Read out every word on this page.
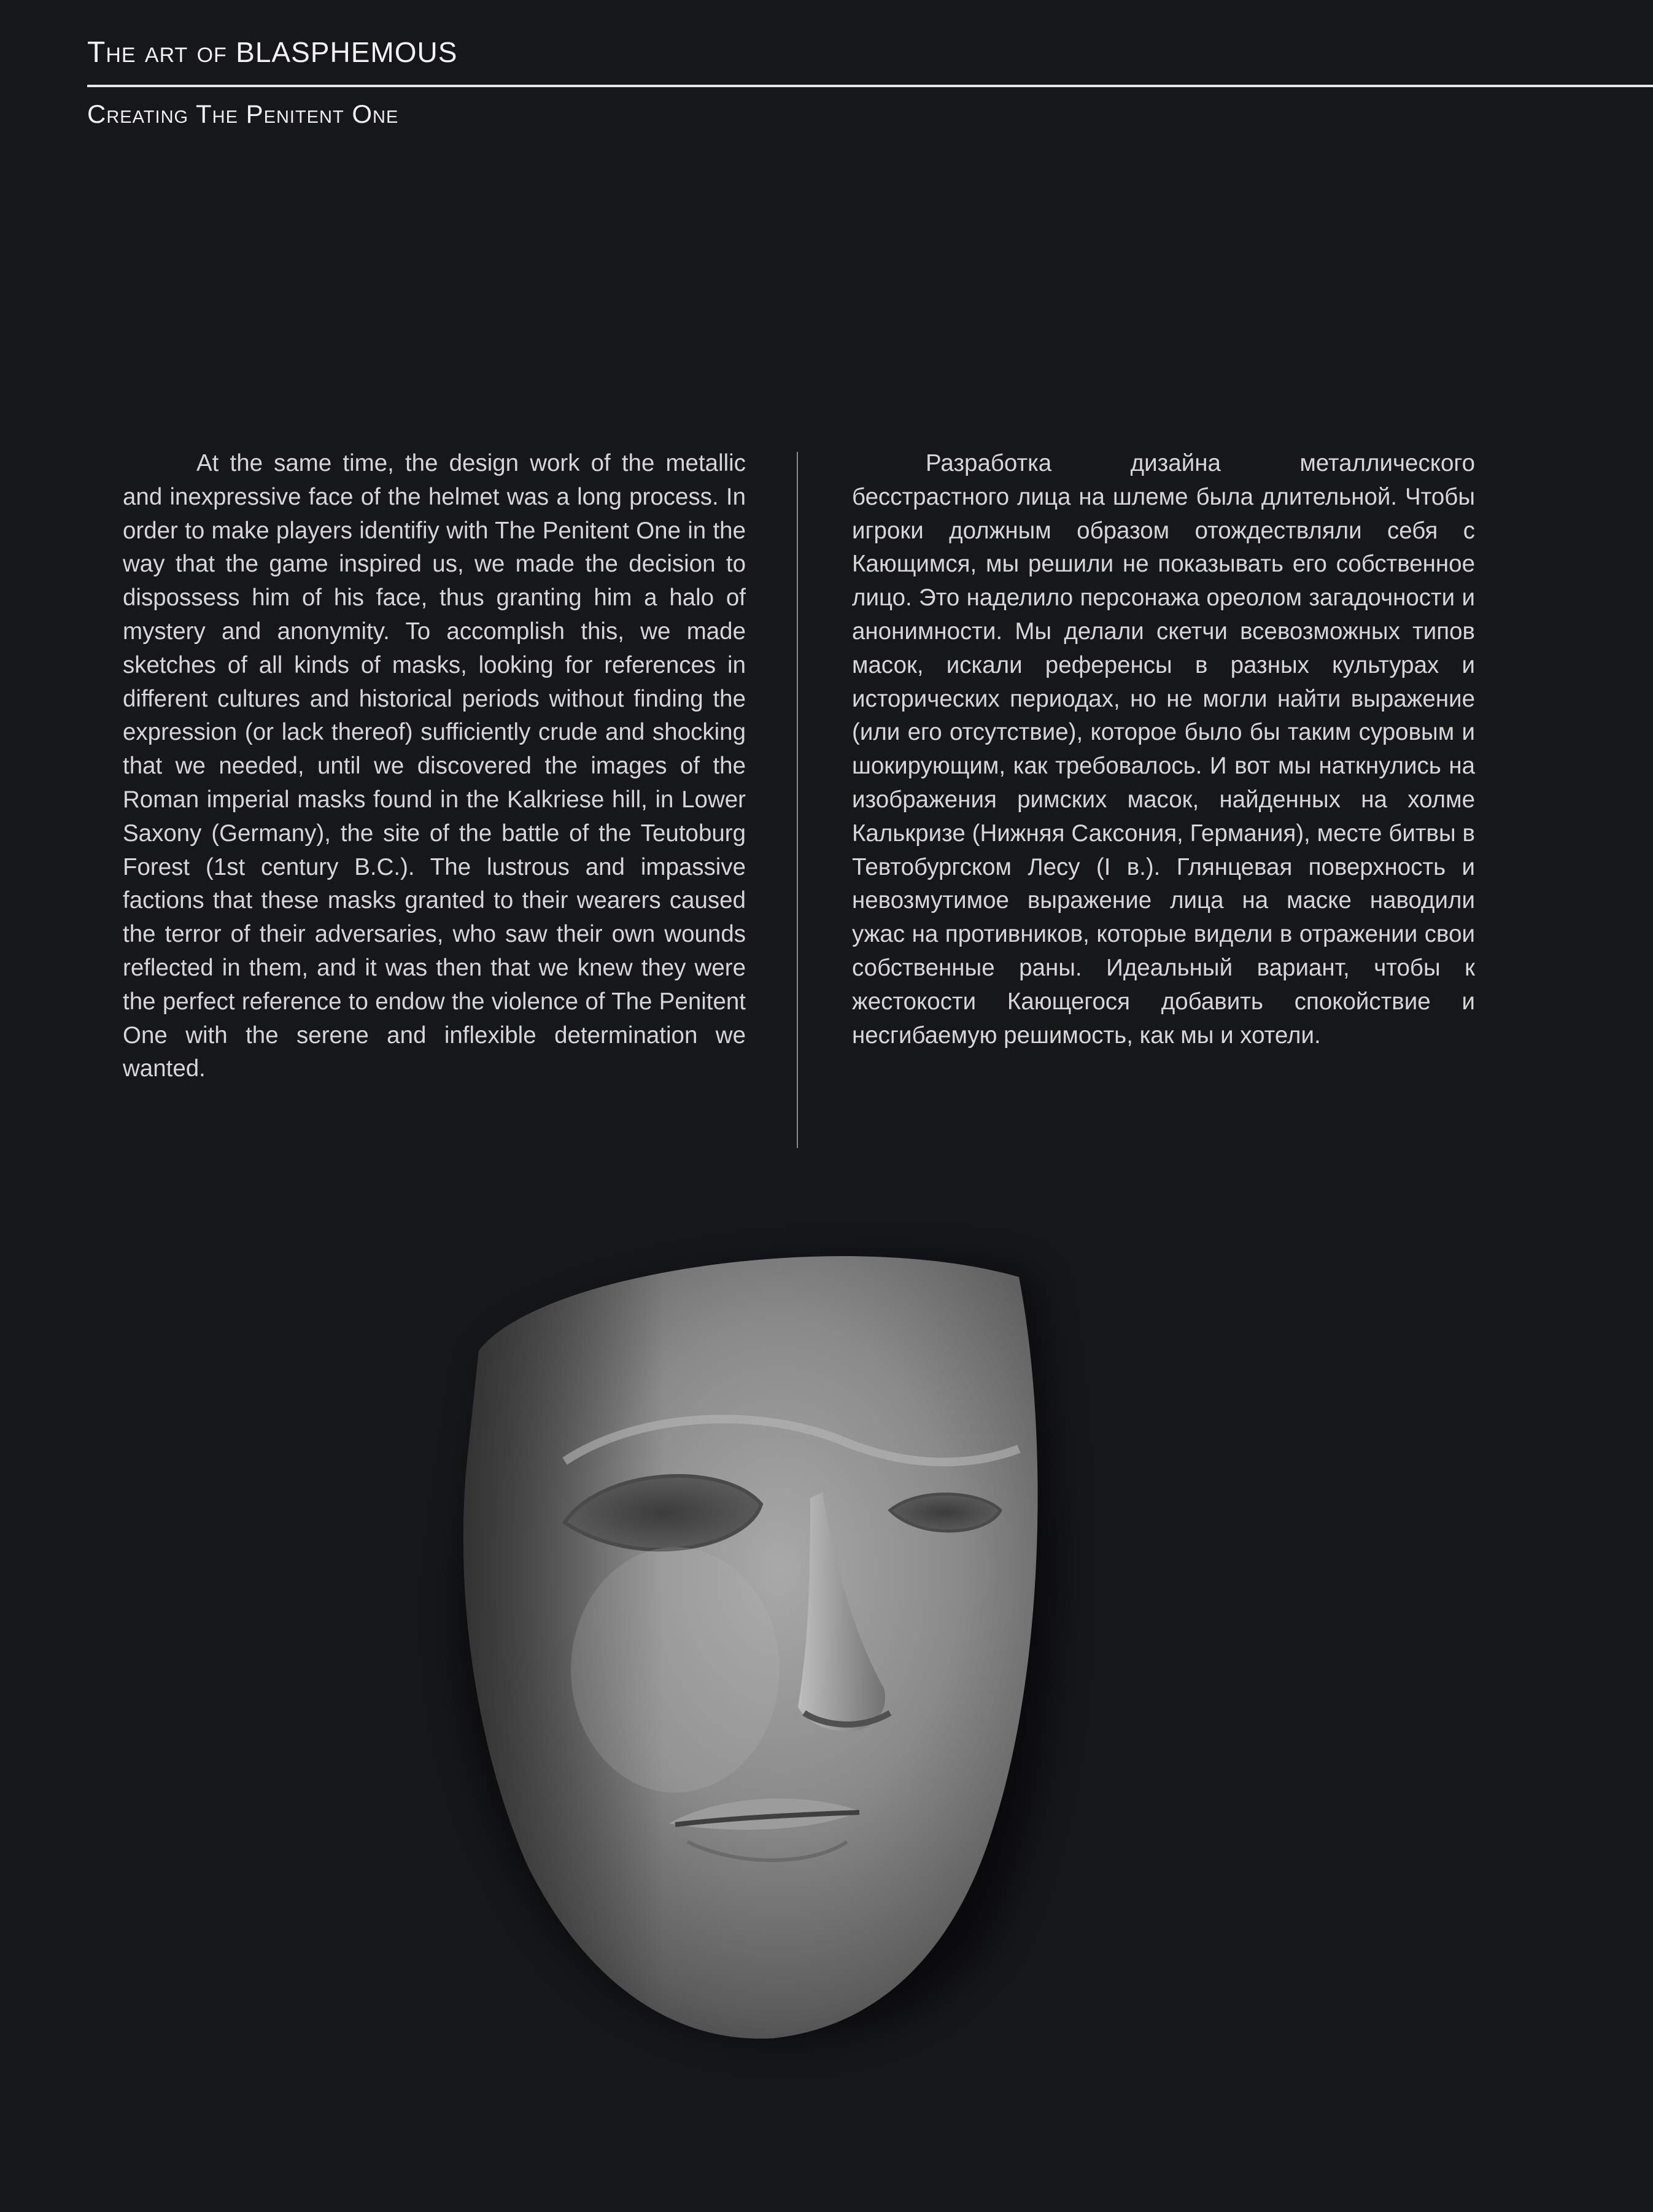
The art of BLASPHEMOUS
Creating The Penitent One
At the same time, the design work of the metallic and inexpressive face of the helmet was a long process. In order to make players identifiy with The Penitent One in the way that the game inspired us, we made the decision to dispossess him of his face, thus granting him a halo of mystery and anonymity. To accomplish this, we made sketches of all kinds of masks, looking for references in different cultures and historical periods without finding the expression (or lack thereof) sufficiently crude and shocking that we needed, until we discovered the images of the Roman imperial masks found in the Kalkriese hill, in Lower Saxony (Germany), the site of the battle of the Teutoburg Forest (1st century B.C.). The lustrous and impassive factions that these masks granted to their wearers caused the terror of their adversaries, who saw their own wounds reflected in them, and it was then that we knew they were the perfect reference to endow the violence of The Penitent One with the serene and inflexible determination we wanted.
Разработка дизайна металлического бесстрастного лица на шлеме была длительной. Чтобы игроки должным образом отождествляли себя с Кающимся, мы решили не показывать его собственное лицо. Это наделило персонажа ореолом загадочности и анонимности. Мы делали скетчи всевозможных типов масок, искали референсы в разных культурах и исторических периодах, но не могли найти выражение (или его отсутствие), которое было бы таким суровым и шокирующим, как требовалось. И вот мы наткнулись на изображения римских масок, найденных на холме Калькризе (Нижняя Саксония, Германия), месте битвы в Тевтобургском Лесу (I в.). Глянцевая поверхность и невозмутимое выражение лица на маске наводили ужас на противников, которые видели в отражении свои собственные раны. Идеальный вариант, чтобы к жестокости Кающегося добавить спокойствие и несгибаемую решимость, как мы и хотели.
